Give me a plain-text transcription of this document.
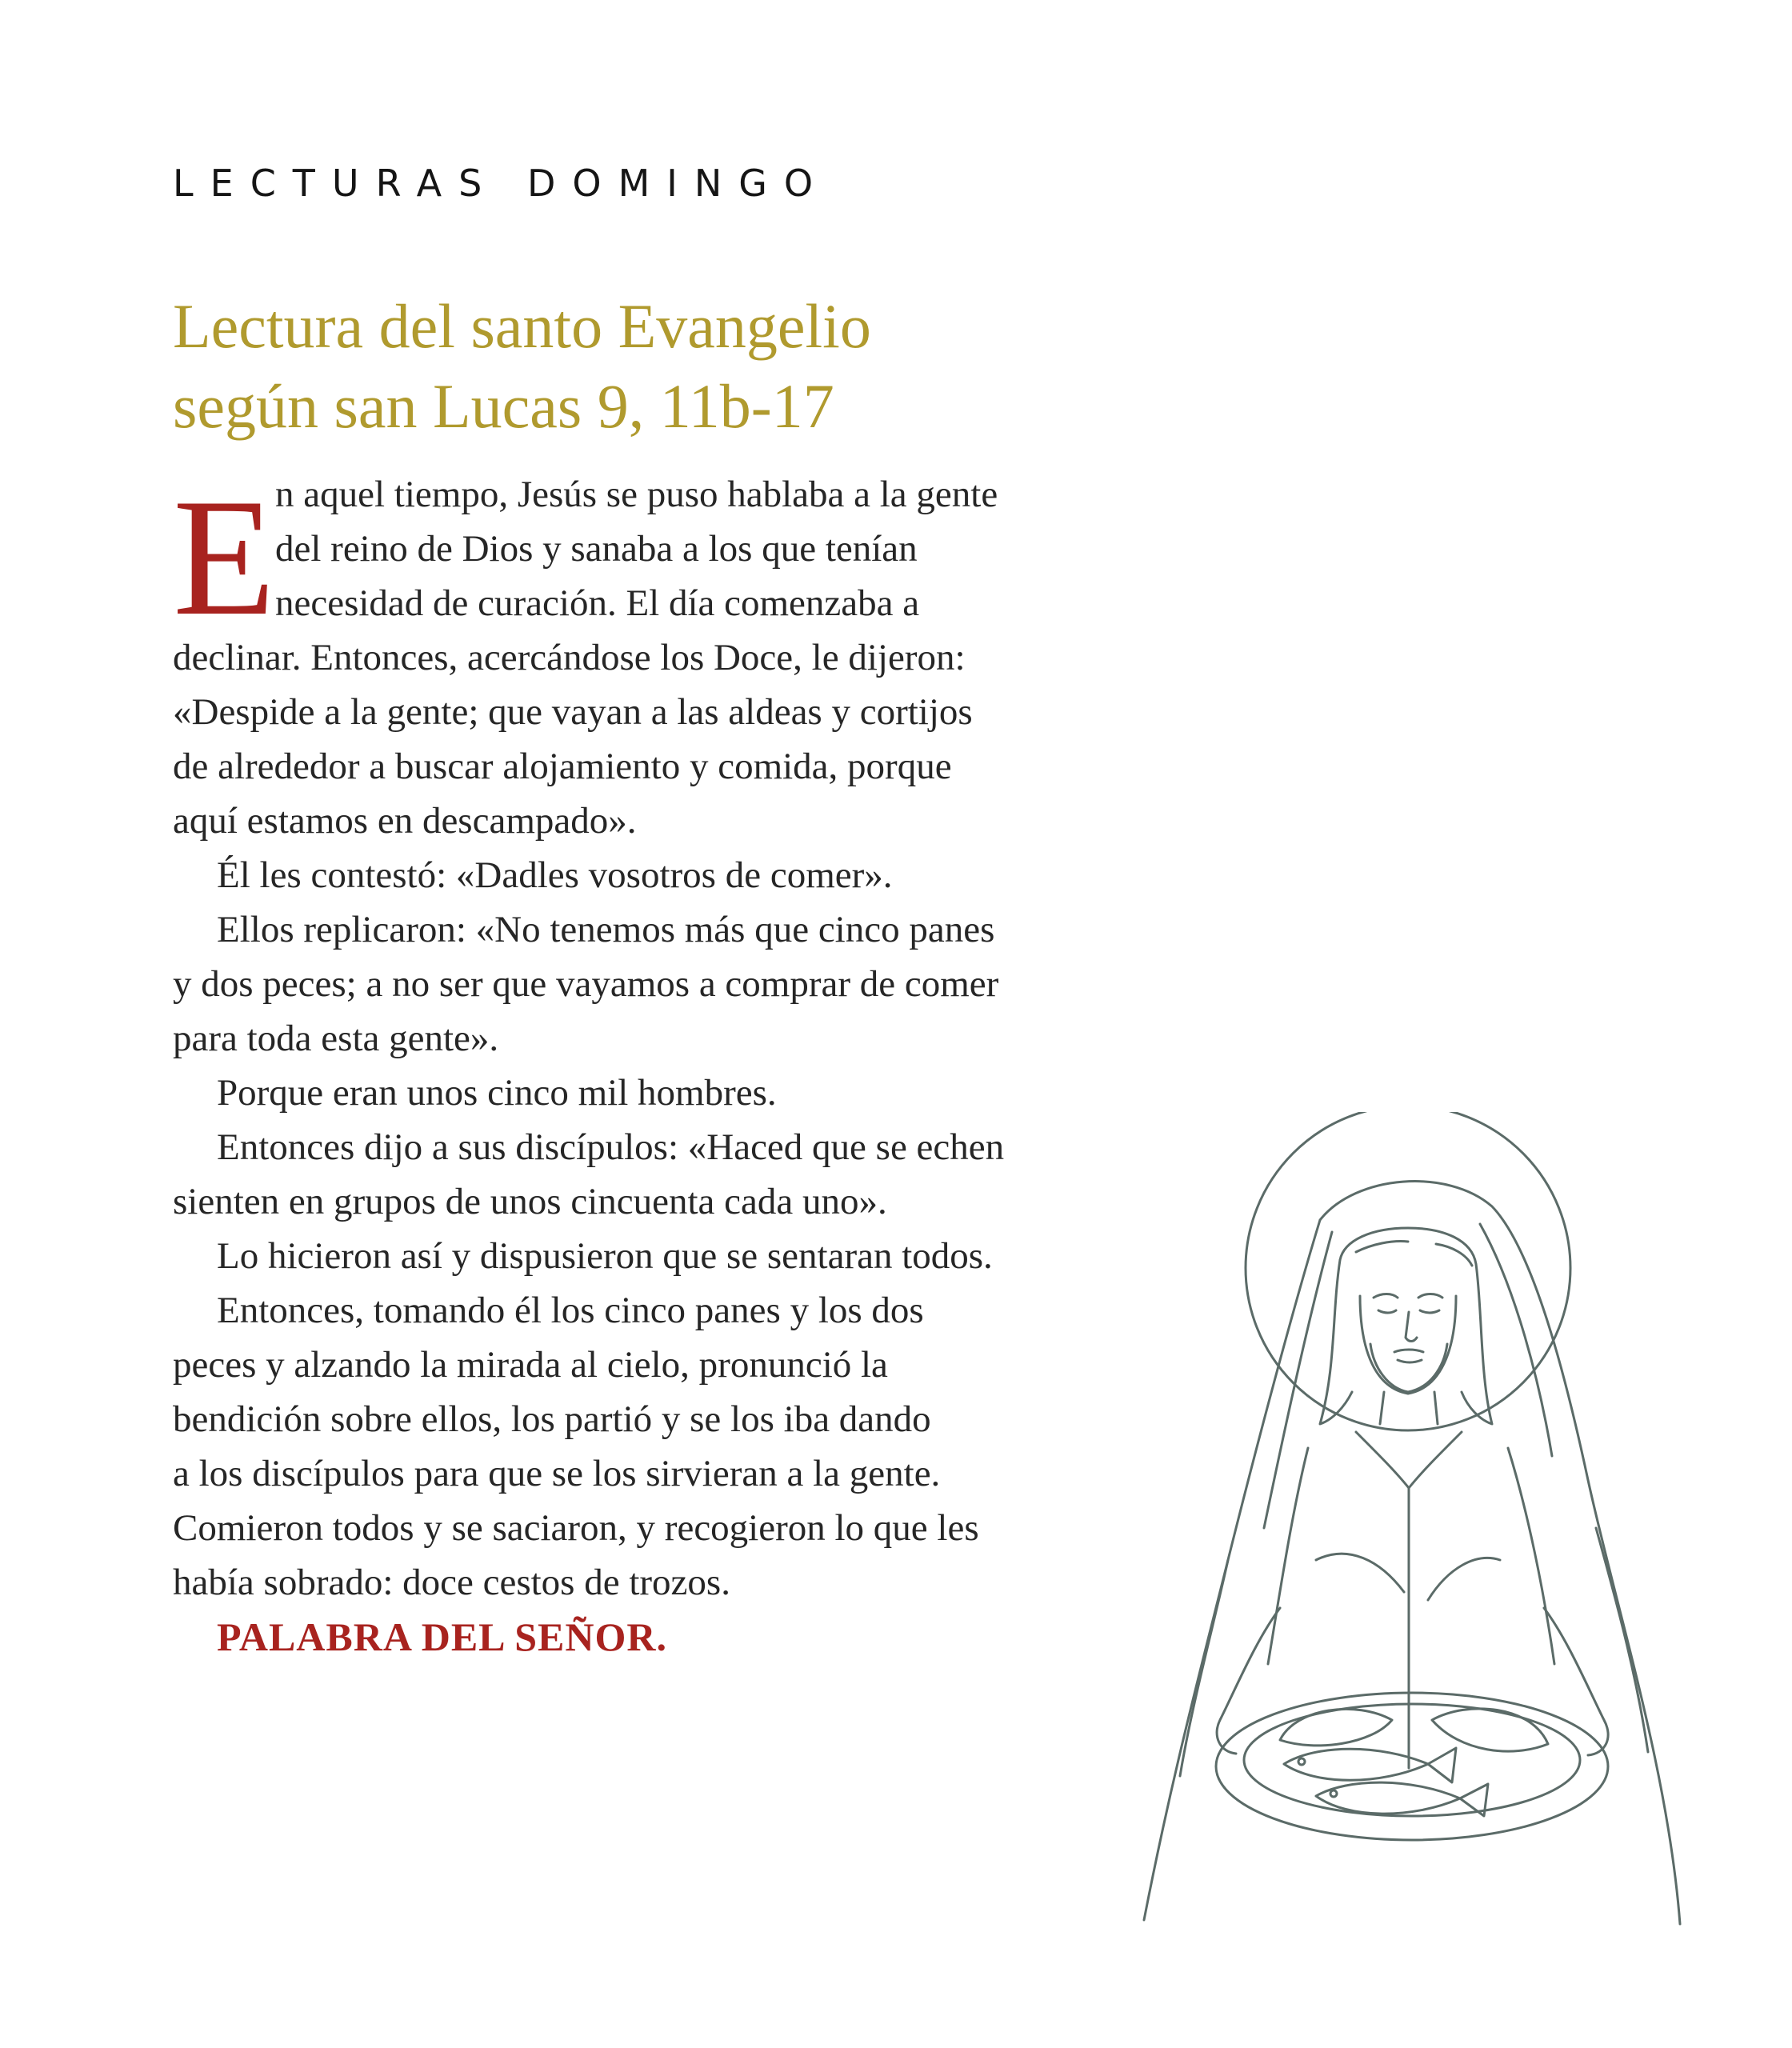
LECTURAS DOMINGO
Lectura del santo Evangelio
según san Lucas 9, 11b-17
E n aquel tiempo, Jesús se puso hablaba a la gente
del reino de Dios y sanaba a los que tenían
necesidad de curación. El día comenzaba a
declinar. Entonces, acercándose los Doce, le dijeron:
«Despide a la gente; que vayan a las aldeas y cortijos
de alrededor a buscar alojamiento y comida, porque
aquí estamos en descampado».
Él les contestó: «Dadles vosotros de comer».
Ellos replicaron: «No tenemos más que cinco panes
y dos peces; a no ser que vayamos a comprar de comer
para toda esta gente».
Porque eran unos cinco mil hombres.
Entonces dijo a sus discípulos: «Haced que se echen
sienten en grupos de unos cincuenta cada uno».
Lo hicieron así y dispusieron que se sentaran todos.
Entonces, tomando él los cinco panes y los dos
peces y alzando la mirada al cielo, pronunció la
bendición sobre ellos, los partió y se los iba dando
a los discípulos para que se los sirvieran a la gente.
Comieron todos y se saciaron, y recogieron lo que les
había sobrado: doce cestos de trozos.
PALABRA DEL SEÑOR.
